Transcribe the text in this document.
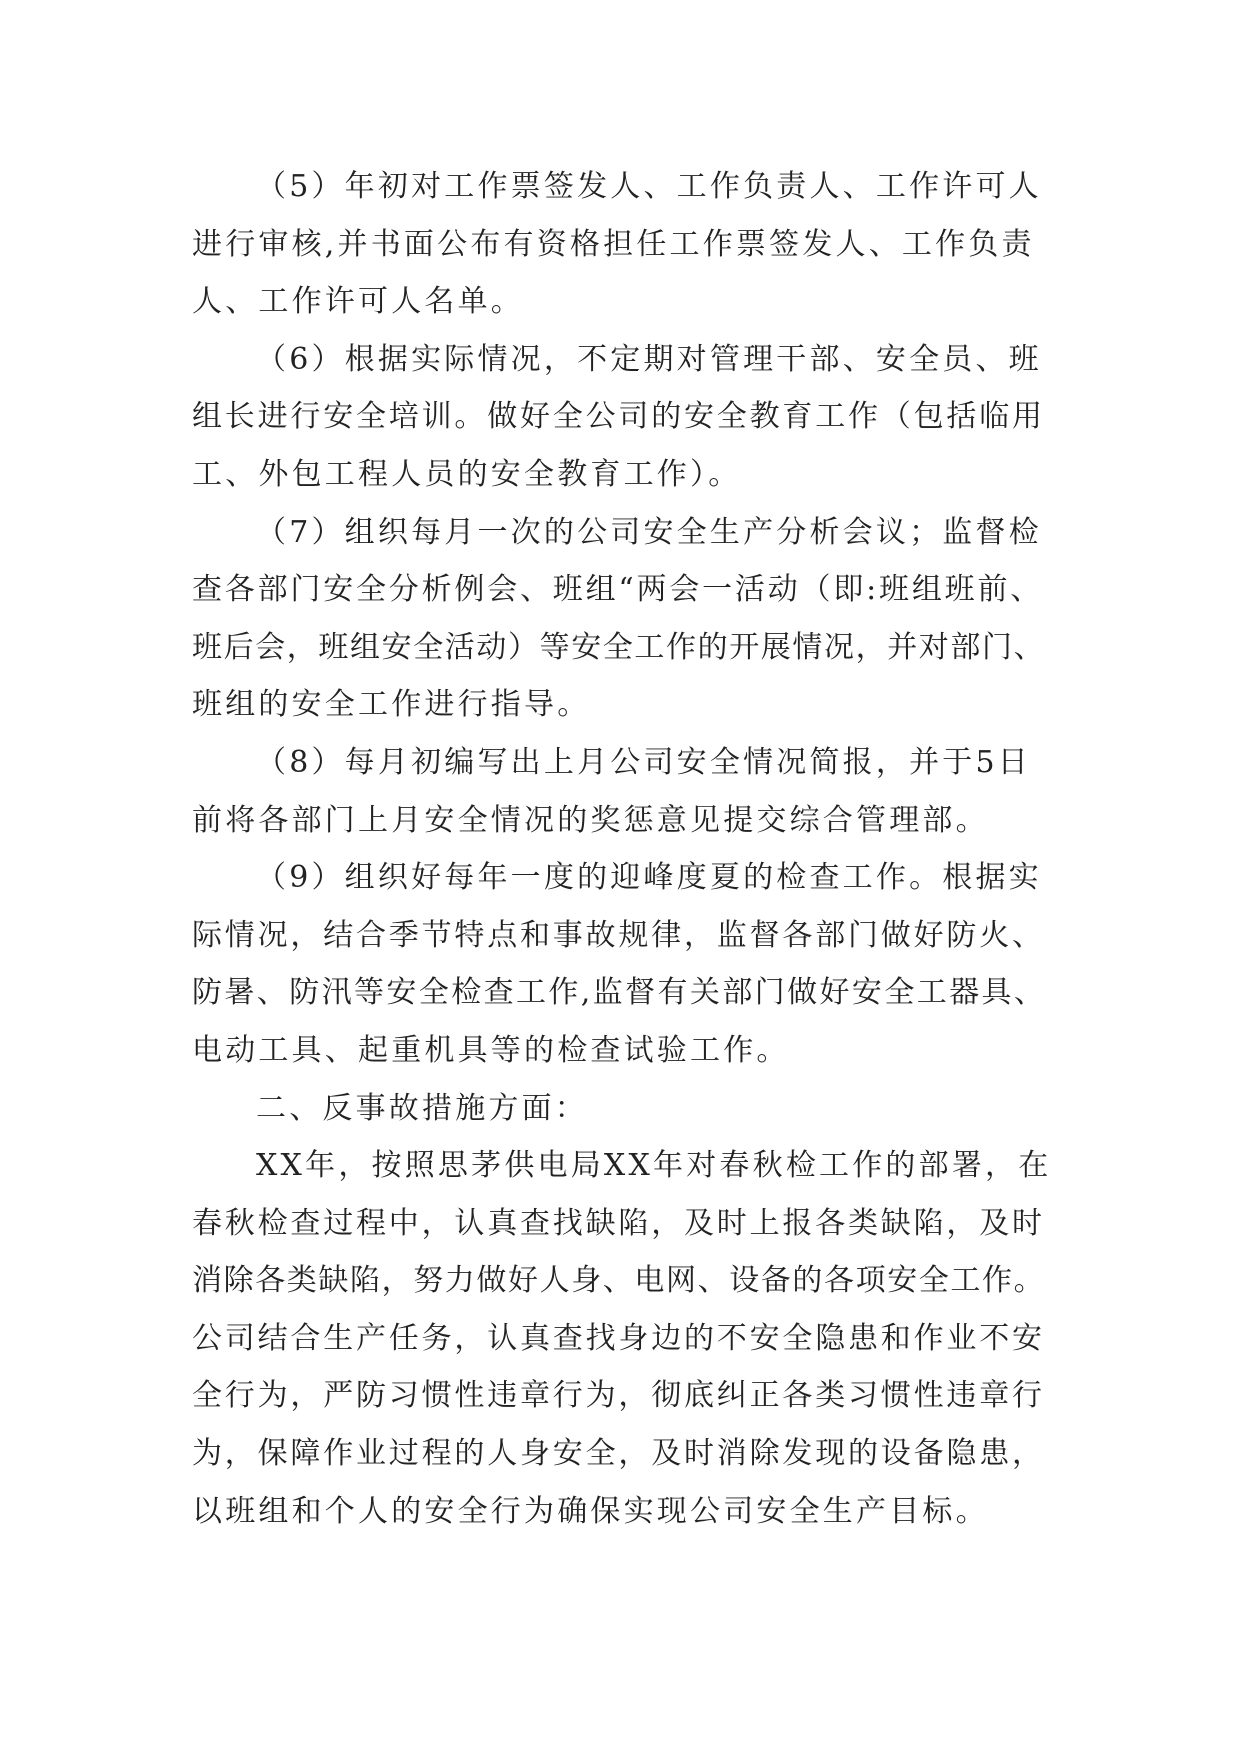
（5）年初对工作票签发人、工作负责人、工作许可人
进行审核,并书面公布有资格担任工作票签发人、工作负责
人、工作许可人名单。
（6）根据实际情况，不定期对管理干部、安全员、班
组长进行安全培训。做好全公司的安全教育工作（包括临用
工、外包工程人员的安全教育工作）。
（7）组织每月一次的公司安全生产分析会议；监督检
查各部门安全分析例会、班组“两会一活动（即:班组班前、
班后会，班组安全活动）等安全工作的开展情况，并对部门、
班组的安全工作进行指导。
（8）每月初编写出上月公司安全情况简报，并于5日
前将各部门上月安全情况的奖惩意见提交综合管理部。
（9）组织好每年一度的迎峰度夏的检查工作。根据实
际情况，结合季节特点和事故规律，监督各部门做好防火、
防暑、防汛等安全检查工作,监督有关部门做好安全工器具、
电动工具、起重机具等的检查试验工作。
二、反事故措施方面：
XX年，按照思茅供电局XX年对春秋检工作的部署，在
春秋检查过程中，认真查找缺陷，及时上报各类缺陷，及时
消除各类缺陷，努力做好人身、电网、设备的各项安全工作。
公司结合生产任务，认真查找身边的不安全隐患和作业不安
全行为，严防习惯性违章行为，彻底纠正各类习惯性违章行
为，保障作业过程的人身安全，及时消除发现的设备隐患，
以班组和个人的安全行为确保实现公司安全生产目标。
